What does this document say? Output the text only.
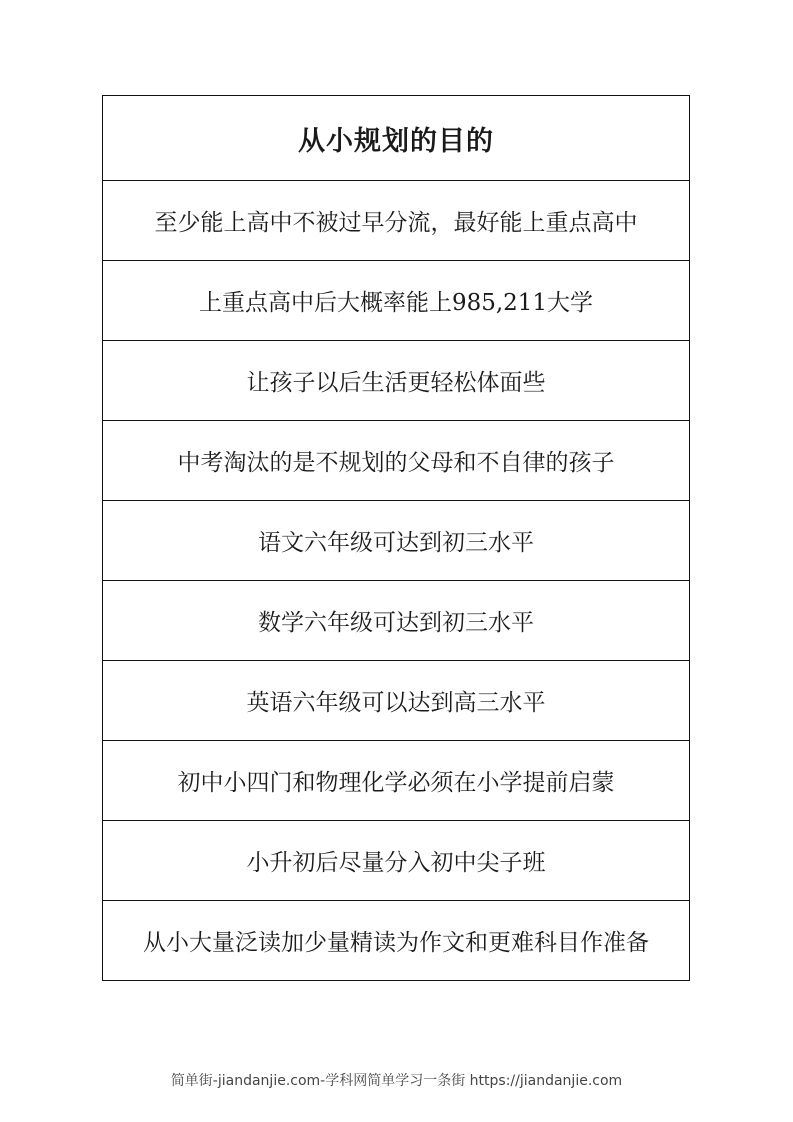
从小规划的目的
至少能上高中不被过早分流，最好能上重点高中
上重点高中后大概率能上985,211大学
让孩子以后生活更轻松体面些
中考淘汰的是不规划的父母和不自律的孩子
语文六年级可达到初三水平
数学六年级可达到初三水平
英语六年级可以达到高三水平
初中小四门和物理化学必须在小学提前启蒙
小升初后尽量分入初中尖子班
从小大量泛读加少量精读为作文和更难科目作准备
简单街-jiandanjie.com-学科网简单学习一条街 https://jiandanjie.com
